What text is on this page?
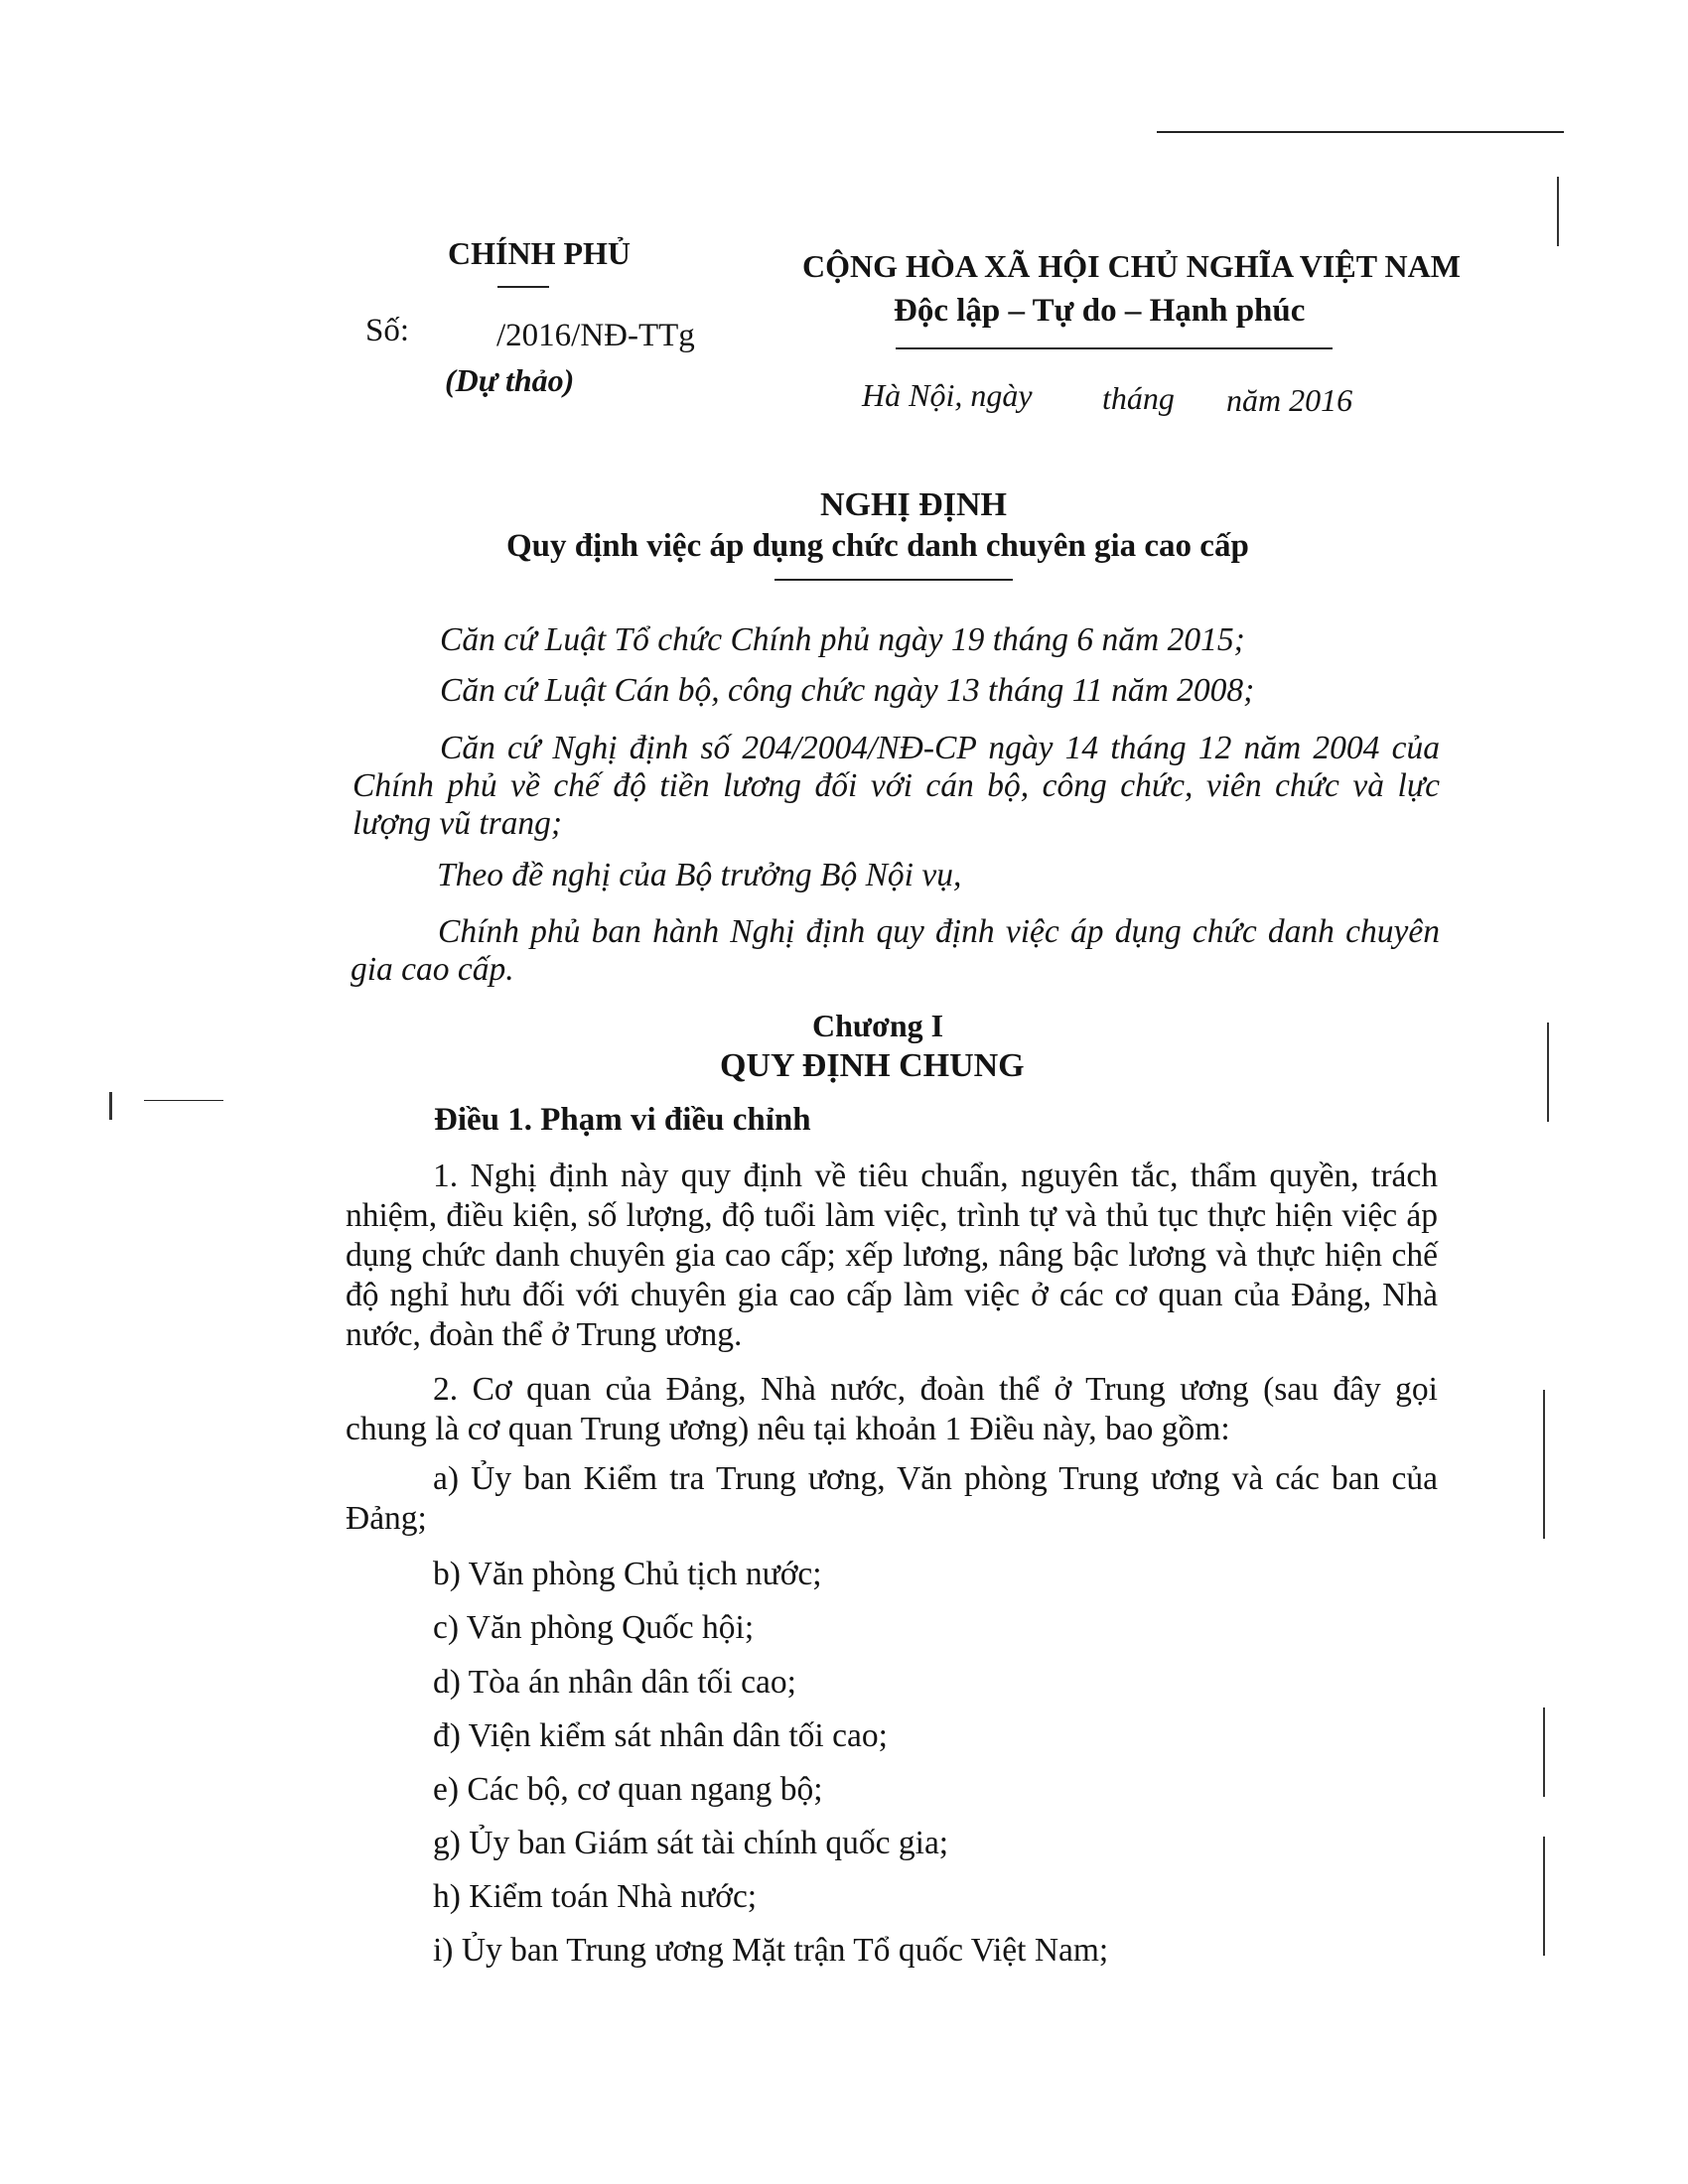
CHÍNH PHỦ
Số:	/2016/NĐ-TTg
(Dự thảo)
CỘNG HÒA XÃ HỘI CHỦ NGHĨA VIỆT NAM
Độc lập – Tự do – Hạnh phúc
Hà Nội, ngày tháng năm 2016
NGHỊ ĐỊNH
Quy định việc áp dụng chức danh chuyên gia cao cấp
Căn cứ Luật Tổ chức Chính phủ ngày 19 tháng 6 năm 2015;
Căn cứ Luật Cán bộ, công chức ngày 13 tháng 11 năm 2008;
Căn cứ Nghị định số 204/2004/NĐ-CP ngày 14 tháng 12 năm 2004 của Chính phủ về chế độ tiền lương đối với cán bộ, công chức, viên chức và lực lượng vũ trang;
Theo đề nghị của Bộ trưởng Bộ Nội vụ,
Chính phủ ban hành Nghị định quy định việc áp dụng chức danh chuyên gia cao cấp.
Chương I
QUY ĐỊNH CHUNG
Điều 1. Phạm vi điều chỉnh
1. Nghị định này quy định về tiêu chuẩn, nguyên tắc, thẩm quyền, trách nhiệm, điều kiện, số lượng, độ tuổi làm việc, trình tự và thủ tục thực hiện việc áp dụng chức danh chuyên gia cao cấp; xếp lương, nâng bậc lương và thực hiện chế độ nghỉ hưu đối với chuyên gia cao cấp làm việc ở các cơ quan của Đảng, Nhà nước, đoàn thể ở Trung ương.
2. Cơ quan của Đảng, Nhà nước, đoàn thể ở Trung ương (sau đây gọi chung là cơ quan Trung ương) nêu tại khoản 1 Điều này, bao gồm:
a) Ủy ban Kiểm tra Trung ương, Văn phòng Trung ương và các ban của Đảng;
b) Văn phòng Chủ tịch nước;
c) Văn phòng Quốc hội;
d) Tòa án nhân dân tối cao;
đ) Viện kiểm sát nhân dân tối cao;
e) Các bộ, cơ quan ngang bộ;
g) Ủy ban Giám sát tài chính quốc gia;
h) Kiểm toán Nhà nước;
i) Ủy ban Trung ương Mặt trận Tổ quốc Việt Nam;
